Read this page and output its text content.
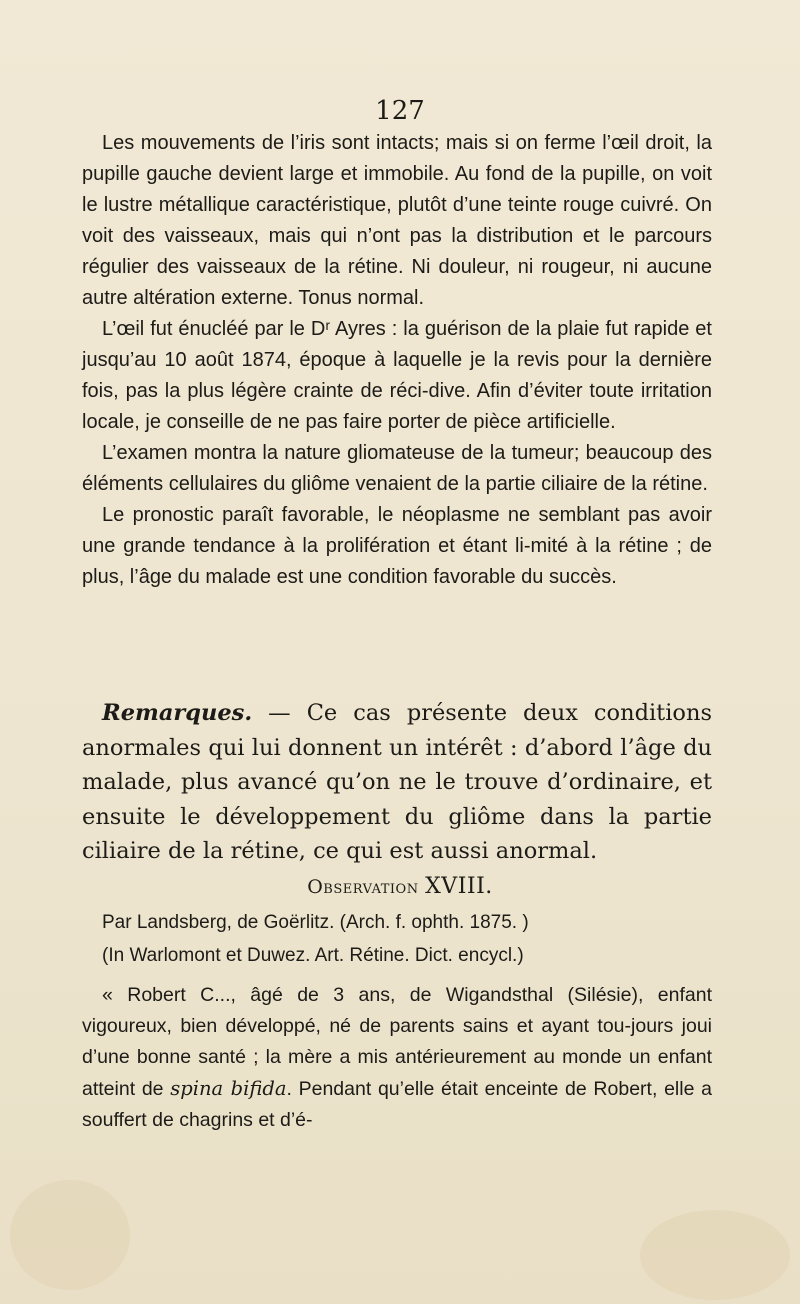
127

Les mouvements de l’iris sont intacts; mais si on ferme l’œil droit, la pupille gauche devient large et immobile. Au fond de la pupille, on voit le lustre métallique caractéristique, plutôt d’une teinte rouge cuivré. On voit des vaisseaux, mais qui n’ont pas la distribution et le parcours régulier des vaisseaux de la rétine. Ni douleur, ni rougeur, ni aucune autre altération externe. Tonus normal.

L’œil fut énucléé par le Dʳ Ayres : la guérison de la plaie fut rapide et jusqu’au 10 août 1874, époque à laquelle je la revis pour la dernière fois, pas la plus légère crainte de réci-dive. Afin d’éviter toute irritation locale, je conseille de ne pas faire porter de pièce artificielle.

L’examen montra la nature gliomateuse de la tumeur; beaucoup des éléments cellulaires du gliôme venaient de la partie ciliaire de la rétine.

Le pronostic paraît favorable, le néoplasme ne semblant pas avoir une grande tendance à la prolifération et étant li-mité à la rétine ; de plus, l’âge du malade est une condition favorable du succès.

Remarques. — Ce cas présente deux conditions anormales qui lui donnent un intérêt : d’abord l’âge du malade, plus avancé qu’on ne le trouve d’ordinaire, et ensuite le développement du gliôme dans la partie ciliaire de la rétine, ce qui est aussi anormal.

Observation XVIII.

Par Landsberg, de Goërlitz. (Arch. f. ophth. 1875. )

(In Warlomont et Duwez. Art. Rétine. Dict. encycl.)

« Robert C..., âgé de 3 ans, de Wigandsthal (Silésie), enfant vigoureux, bien développé, né de parents sains et ayant tou-jours joui d’une bonne santé ; la mère a mis antérieurement au monde un enfant atteint de spina bifida. Pendant qu’elle était enceinte de Robert, elle a souffert de chagrins et d’é-
